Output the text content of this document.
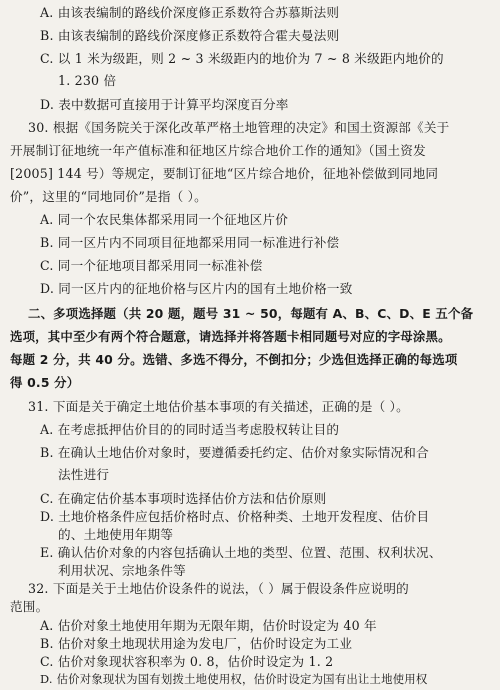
A. 由该表编制的路线价深度修正系数符合苏慕斯法则
B. 由该表编制的路线价深度修正系数符合霍夫曼法则
C. 以 1 米为级距，则 2 ~ 3 米级距内的地价为 7 ~ 8 米级距内地价的
1. 230 倍
D. 表中数据可直接用于计算平均深度百分率
30. 根据《国务院关于深化改革严格土地管理的决定》和国土资源部《关于
开展制订征地统一年产值标准和征地区片综合地价工作的通知》（国土资发
[2005] 144 号）等规定，要制订征地“区片综合地价，征地补偿做到同地同
价”，这里的“同地同价”是指（ ）。
A. 同一个农民集体都采用同一个征地区片价
B. 同一区片内不同项目征地都采用同一标准进行补偿
C. 同一个征地项目都采用同一标准补偿
D. 同一区片内的征地价格与区片内的国有土地价格一致
二、多项选择题（共 20 题，题号 31 ~ 50，每题有 A、B、C、D、E 五个备
选项，其中至少有两个符合题意，请选择并将答题卡相同题号对应的字母涂黑。
每题 2 分，共 40 分。选错、多选不得分，不倒扣分；少选但选择正确的每选项
得 0.5 分）
31. 下面是关于确定土地估价基本事项的有关描述，正确的是（ ）。
A. 在考虑抵押估价目的的同时适当考虑股权转让目的
B. 在确认土地估价对象时，要遵循委托约定、估价对象实际情况和合
法性进行
C. 在确定估价基本事项时选择估价方法和估价原则
D. 土地价格条件应包括价格时点、价格种类、土地开发程度、估价目
的、土地使用年期等
E. 确认估价对象的内容包括确认土地的类型、位置、范围、权利状况、
利用状况、宗地条件等
32. 下面是关于土地估价设条件的说法，（ ）属于假设条件应说明的
范围。
A. 估价对象土地使用年期为无限年期，估价时设定为 40 年
B. 估价对象土地现状用途为发电厂，估价时设定为工业
C. 估价对象现状容积率为 0. 8，估价时设定为 1. 2
D. 估价对象现状为国有划拨土地使用权，估价时设定为国有出让土地使用权
